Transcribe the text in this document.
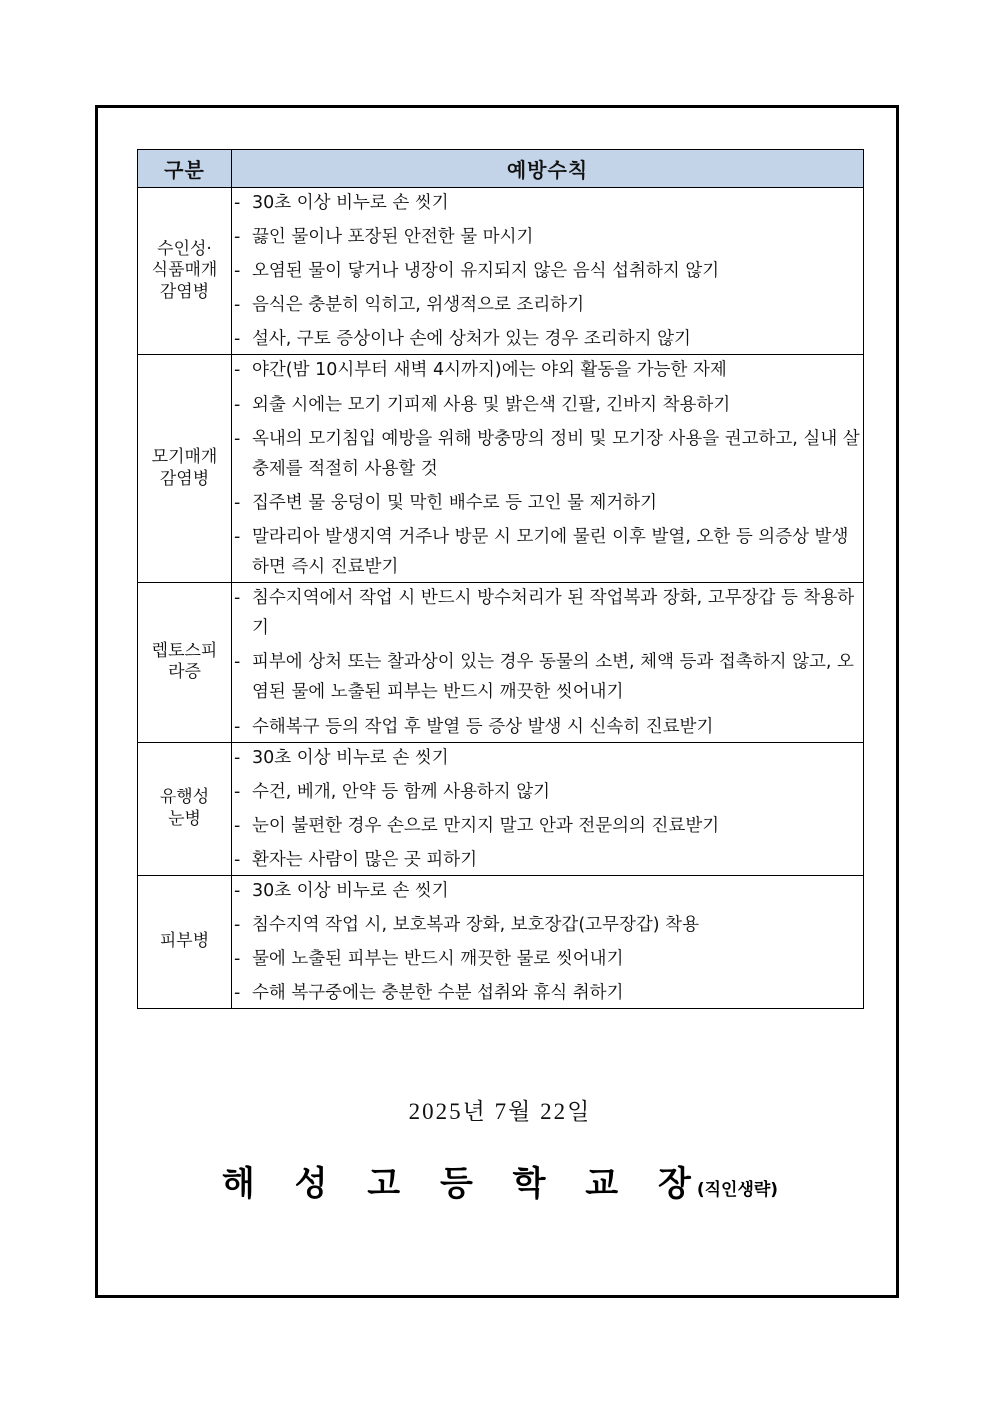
구분	예방수칙

수인성·
식품매개
감염병

- 30초 이상 비누로 손 씻기
- 끓인 물이나 포장된 안전한 물 마시기
- 오염된 물이 닿거나 냉장이 유지되지 않은 음식 섭취하지 않기
- 음식은 충분히 익히고, 위생적으로 조리하기
- 설사, 구토 증상이나 손에 상처가 있는 경우 조리하지 않기

모기매개
감염병

- 야간(밤 10시부터 새벽 4시까지)에는 야외 활동을 가능한 자제
- 외출 시에는 모기 기피제 사용 및 밝은색 긴팔, 긴바지 착용하기
- 옥내의 모기침입 예방을 위해 방충망의 정비 및 모기장 사용을 권고하고, 실내 살충제를 적절히 사용할 것
- 집주변 물 웅덩이 및 막힌 배수로 등 고인 물 제거하기
- 말라리아 발생지역 거주나 방문 시 모기에 물린 이후 발열, 오한 등 의증상 발생하면 즉시 진료받기

렙토스피
라증

- 침수지역에서 작업 시 반드시 방수처리가 된 작업복과 장화, 고무장갑 등 착용하기
- 피부에 상처 또는 찰과상이 있는 경우 동물의 소변, 체액 등과 접촉하지 않고, 오염된 물에 노출된 피부는 반드시 깨끗한 씻어내기
- 수해복구 등의 작업 후 발열 등 증상 발생 시 신속히 진료받기

유행성
눈병

- 30초 이상 비누로 손 씻기
- 수건, 베개, 안약 등 함께 사용하지 않기
- 눈이 불편한 경우 손으로 만지지 말고 안과 전문의의 진료받기
- 환자는 사람이 많은 곳 피하기

피부병

- 30초 이상 비누로 손 씻기
- 침수지역 작업 시, 보호복과 장화, 보호장갑(고무장갑) 착용
- 물에 노출된 피부는 반드시 깨끗한 물로 씻어내기
- 수해 복구중에는 충분한 수분 섭취와 휴식 취하기
2025년 7월 22일
해 성 고 등 학 교 장(직인생략)
